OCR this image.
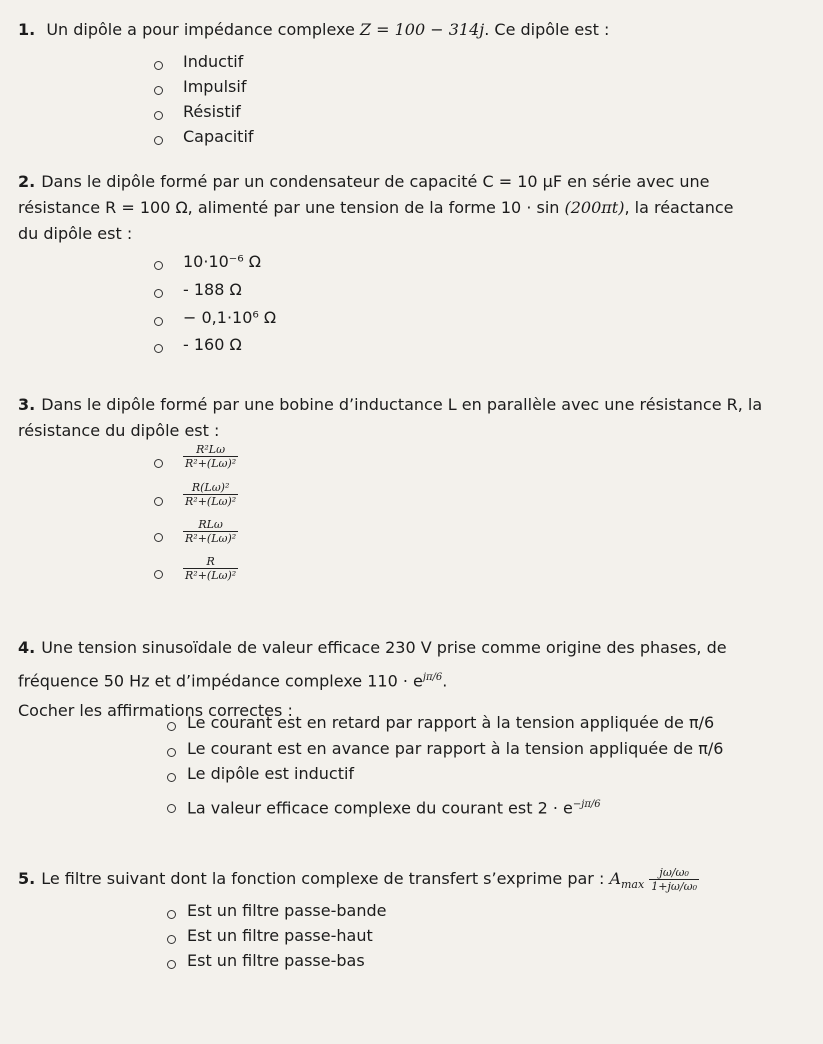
1. Un dipôle a pour impédance complexe Z = 100 − 314j. Ce dipôle est :
Inductif
Impulsif
Résistif
Capacitif
2. Dans le dipôle formé par un condensateur de capacité C = 10 µF en série avec une
résistance R = 100 Ω, alimenté par une tension de la forme 10 · sin (200πt), la réactance
du dipôle est :
10·10⁻⁶ Ω
- 188 Ω
− 0,1·10⁶ Ω
- 160 Ω
3. Dans le dipôle formé par une bobine d’inductance L en parallèle avec une résistance R, la
résistance du dipôle est :
$\frac{\text{R²Lω}}{\text{R²+(Lω)²}}$
$\frac{\text{R(Lω)²}}{\text{R²+(Lω)²}}$
RLω
R²+(Lω)²
$\frac{R}{\text{R²+(Lω)²}}$
4. Une tension sinusoïdale de valeur efficace 230 V prise comme origine des phases, de
fréquence 50 Hz et d’impédance complexe $110 \cdot e^{j\pi/6}$.
Cocher les affirmations correctes :
Le courant est en retard par rapport à la tension appliquée de π/6
Le courant est en avance par rapport à la tension appliquée de π/6
Le dipôle est inductif
La valeur efficace complexe du courant est $2 \cdot e^{-j\pi/6}$
5. Le filtre suivant dont la fonction complexe de transfert s’exprime par : $A_{max} \frac{\text{jω/ω₀}}{\text{1+jω/ω₀}}$
Est un filtre passe-bande
Est un filtre passe-haut
Est un filtre passe-bas
